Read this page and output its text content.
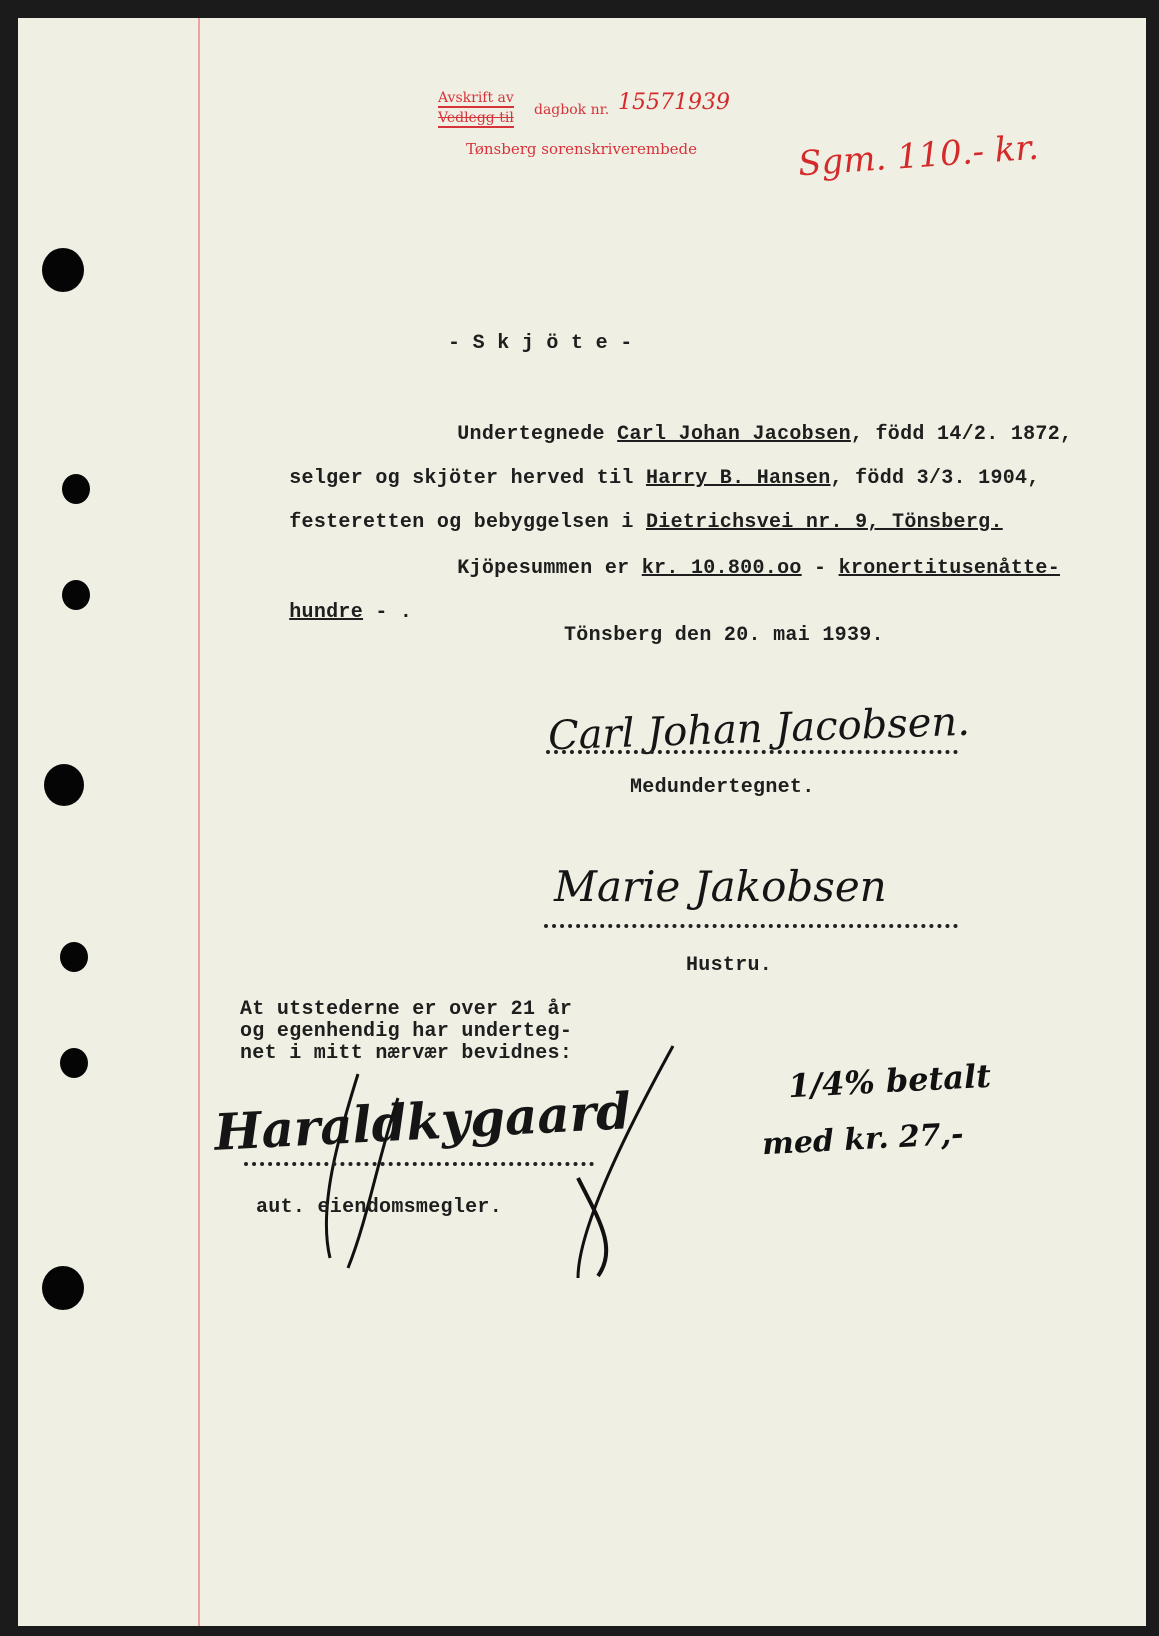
Avskrift av
Vedlegg til dagbok nr. 1557 1939
Tønsberg sorenskriverembede	Sgm. 110.- kr.
- S k j ö t e -

Undertegnede Carl Johan Jacobsen, född 14/2. 1872,

selger og skjöter herved til Harry B. Hansen, född 3/3. 1904,

festeretten og bebyggelsen i Dietrichsvei nr. 9, Tönsberg.

Kjöpesummen er kr. 10.800.oo - kronertitusenåtte-

hundre - .

Tönsberg den 20. mai 1939.
Carl Johan Jacobsen.
Medundertegnet.
Marie Jakobsen
Hustru.
At utstederne er over 21 år
og egenhendig har underteg-
net i mitt nærvær bevidnes:
Haraldkygaard
aut. eiendomsmegler.
1/4% betalt
med kr. 27,-
